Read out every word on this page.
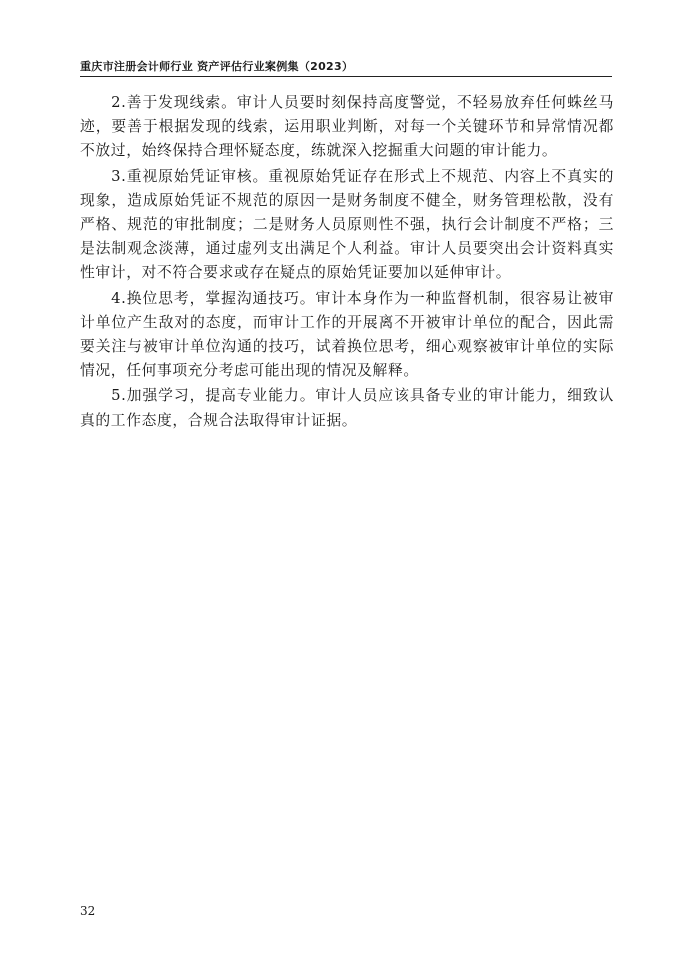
重庆市注册会计师行业 资产评估行业案例集（2023）

2.善于发现线索。审计人员要时刻保持高度警觉，不轻易放弃任何蛛丝马迹，要善于根据发现的线索，运用职业判断，对每一个关键环节和异常情况都不放过，始终保持合理怀疑态度，练就深入挖掘重大问题的审计能力。

3.重视原始凭证审核。重视原始凭证存在形式上不规范、内容上不真实的现象，造成原始凭证不规范的原因一是财务制度不健全，财务管理松散，没有严格、规范的审批制度；二是财务人员原则性不强，执行会计制度不严格；三是法制观念淡薄，通过虚列支出满足个人利益。审计人员要突出会计资料真实性审计，对不符合要求或存在疑点的原始凭证要加以延伸审计。

4.换位思考，掌握沟通技巧。审计本身作为一种监督机制，很容易让被审计单位产生敌对的态度，而审计工作的开展离不开被审计单位的配合，因此需要关注与被审计单位沟通的技巧，试着换位思考，细心观察被审计单位的实际情况，任何事项充分考虑可能出现的情况及解释。

5.加强学习，提高专业能力。审计人员应该具备专业的审计能力，细致认真的工作态度，合规合法取得审计证据。

32
